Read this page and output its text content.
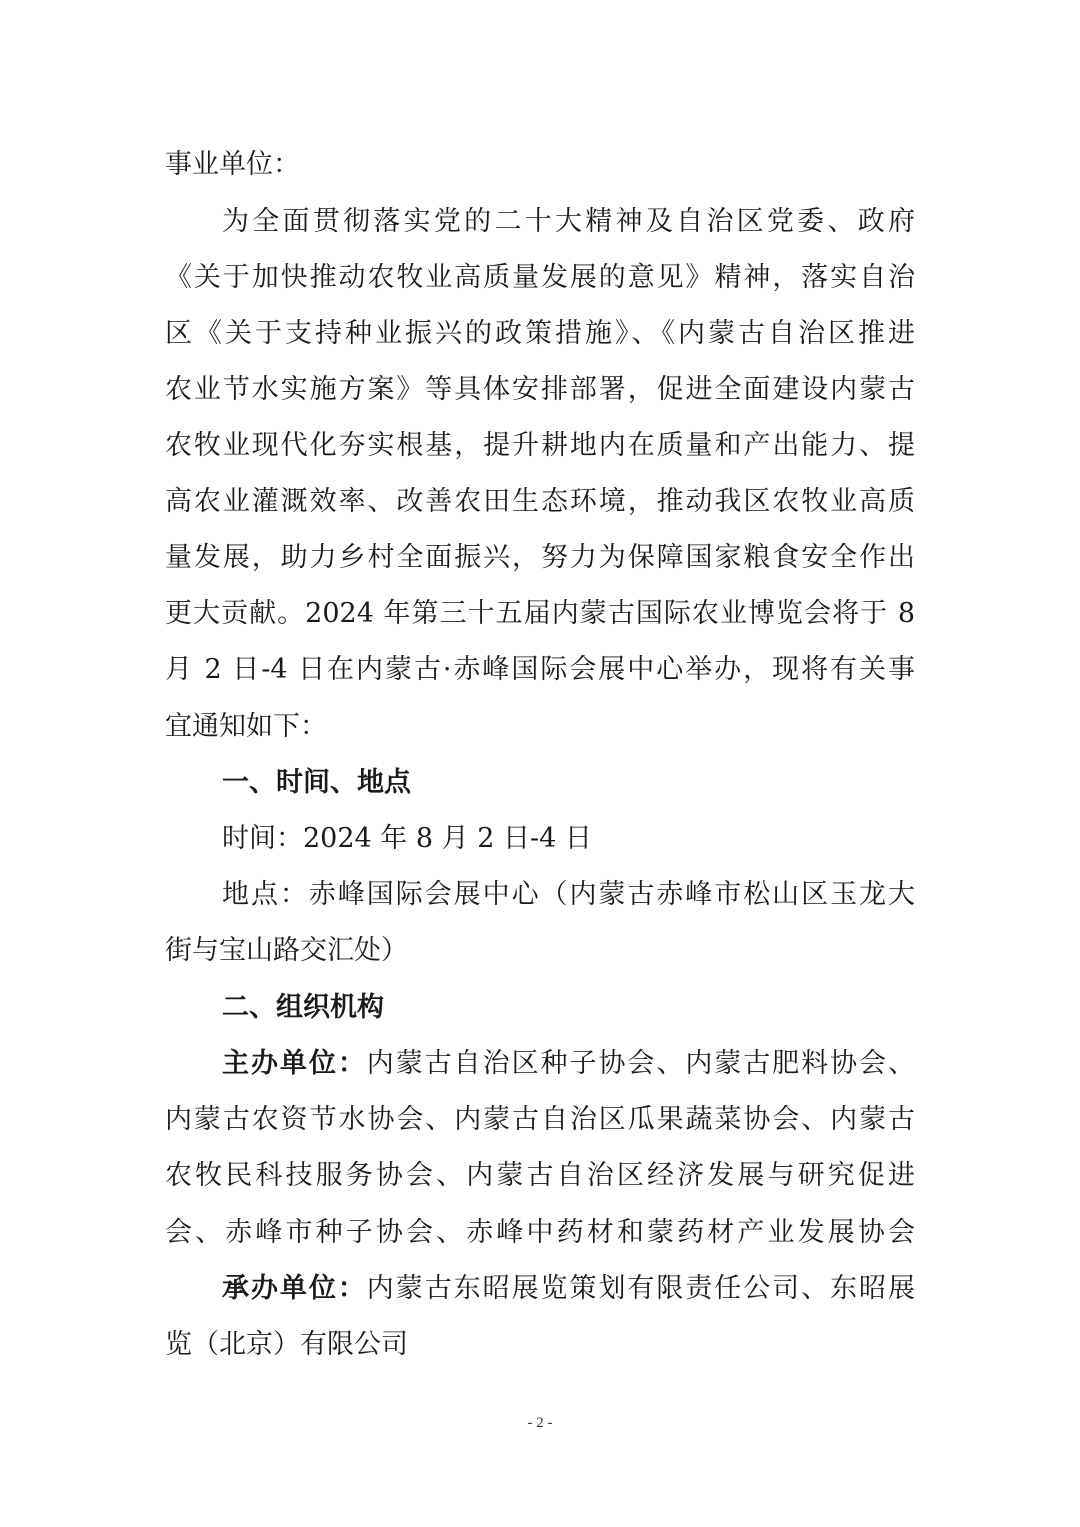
事业单位：
为全面贯彻落实党的二十大精神及自治区党委、政府
《关于加快推动农牧业高质量发展的意见》精神，落实自治
区《关于支持种业振兴的政策措施》、《内蒙古自治区推进
农业节水实施方案》等具体安排部署，促进全面建设内蒙古
农牧业现代化夯实根基，提升耕地内在质量和产出能力、提
高农业灌溉效率、改善农田生态环境，推动我区农牧业高质
量发展，助力乡村全面振兴，努力为保障国家粮食安全作出
更大贡献。2024 年第三十五届内蒙古国际农业博览会将于 8
月 2 日-4 日在内蒙古·赤峰国际会展中心举办，现将有关事
宜通知如下：
一、时间、地点
时间：2024 年 8 月 2 日-4 日
地点：赤峰国际会展中心（内蒙古赤峰市松山区玉龙大
街与宝山路交汇处）
二、组织机构
主办单位：内蒙古自治区种子协会、内蒙古肥料协会、
内蒙古农资节水协会、内蒙古自治区瓜果蔬菜协会、内蒙古
农牧民科技服务协会、内蒙古自治区经济发展与研究促进
会、赤峰市种子协会、赤峰中药材和蒙药材产业发展协会
承办单位：内蒙古东昭展览策划有限责任公司、东昭展
览（北京）有限公司
- 2 -
